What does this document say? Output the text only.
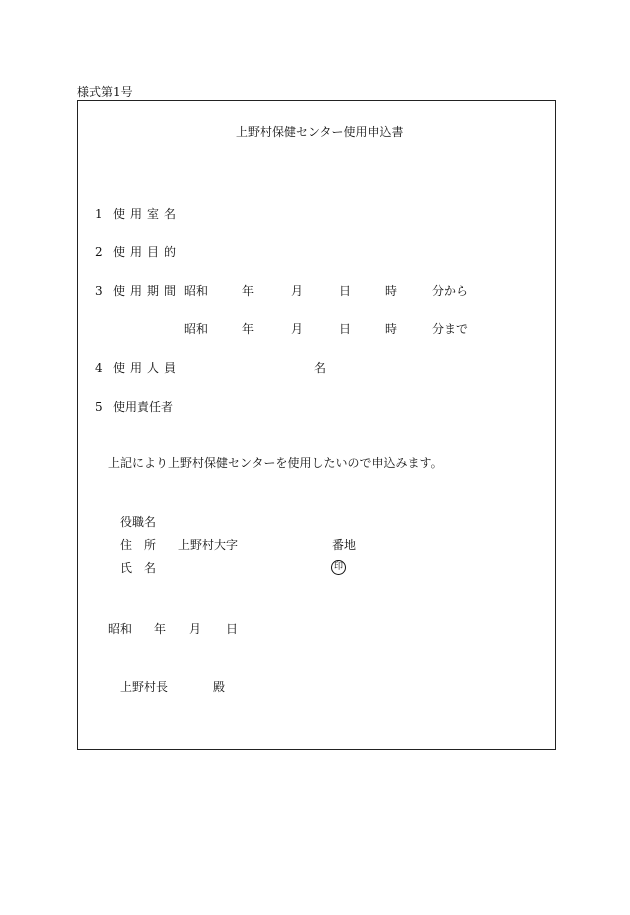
様式第1号
上野村保健センター使用申込書
1 使用室名
2 使用目的
3 使用期間 昭和	年	月	日	時	分から
昭和	年	月	日	時	分まで
4 使用人員	名
5 使用責任者
上記により上野村保健センターを使用したいので申込みます。
役職名
住 所 上野村大字	番地
氏 名	印
昭和 年 月 日
上野村長	殿
